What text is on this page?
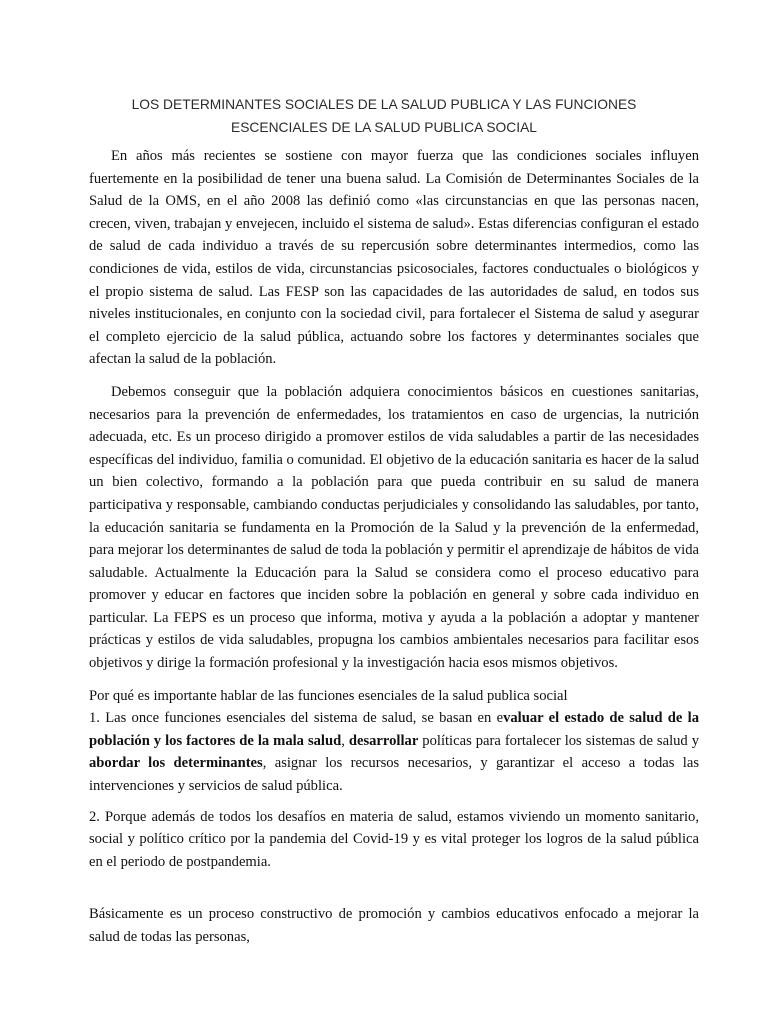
LOS DETERMINANTES SOCIALES DE LA SALUD PUBLICA Y LAS FUNCIONES
ESCENCIALES DE LA SALUD PUBLICA SOCIAL

En años más recientes se sostiene con mayor fuerza que las condiciones sociales influyen fuertemente en la posibilidad de tener una buena salud. La Comisión de Determinantes Sociales de la Salud de la OMS, en el año 2008 las definió como «las circunstancias en que las personas nacen, crecen, viven, trabajan y envejecen, incluido el sistema de salud». Estas diferencias configuran el estado de salud de cada individuo a través de su repercusión sobre determinantes intermedios, como las condiciones de vida, estilos de vida, circunstancias psicosociales, factores conductuales o biológicos y el propio sistema de salud. Las FESP son las capacidades de las autoridades de salud, en todos sus niveles institucionales, en conjunto con la sociedad civil, para fortalecer el Sistema de salud y asegurar el completo ejercicio de la salud pública, actuando sobre los factores y determinantes sociales que afectan la salud de la población.

Debemos conseguir que la población adquiera conocimientos básicos en cuestiones sanitarias, necesarios para la prevención de enfermedades, los tratamientos en caso de urgencias, la nutrición adecuada, etc. Es un proceso dirigido a promover estilos de vida saludables a partir de las necesidades específicas del individuo, familia o comunidad. El objetivo de la educación sanitaria es hacer de la salud un bien colectivo, formando a la población para que pueda contribuir en su salud de manera participativa y responsable, cambiando conductas perjudiciales y consolidando las saludables, por tanto, la educación sanitaria se fundamenta en la Promoción de la Salud y la prevención de la enfermedad, para mejorar los determinantes de salud de toda la población y permitir el aprendizaje de hábitos de vida saludable. Actualmente la Educación para la Salud se considera como el proceso educativo para promover y educar en factores que inciden sobre la población en general y sobre cada individuo en particular. La FEPS es un proceso que informa, motiva y ayuda a la población a adoptar y mantener prácticas y estilos de vida saludables, propugna los cambios ambientales necesarios para facilitar esos objetivos y dirige la formación profesional y la investigación hacia esos mismos objetivos.

Por qué es importante hablar de las funciones esenciales de la salud publica social

1. Las once funciones esenciales del sistema de salud, se basan en evaluar el estado de salud de la población y los factores de la mala salud, desarrollar políticas para fortalecer los sistemas de salud y abordar los determinantes, asignar los recursos necesarios, y garantizar el acceso a todas las intervenciones y servicios de salud pública.

2. Porque además de todos los desafíos en materia de salud, estamos viviendo un momento sanitario, social y político crítico por la pandemia del Covid-19 y es vital proteger los logros de la salud pública en el periodo de postpandemia.

Básicamente es un proceso constructivo de promoción y cambios educativos enfocado a mejorar la salud de todas las personas,
